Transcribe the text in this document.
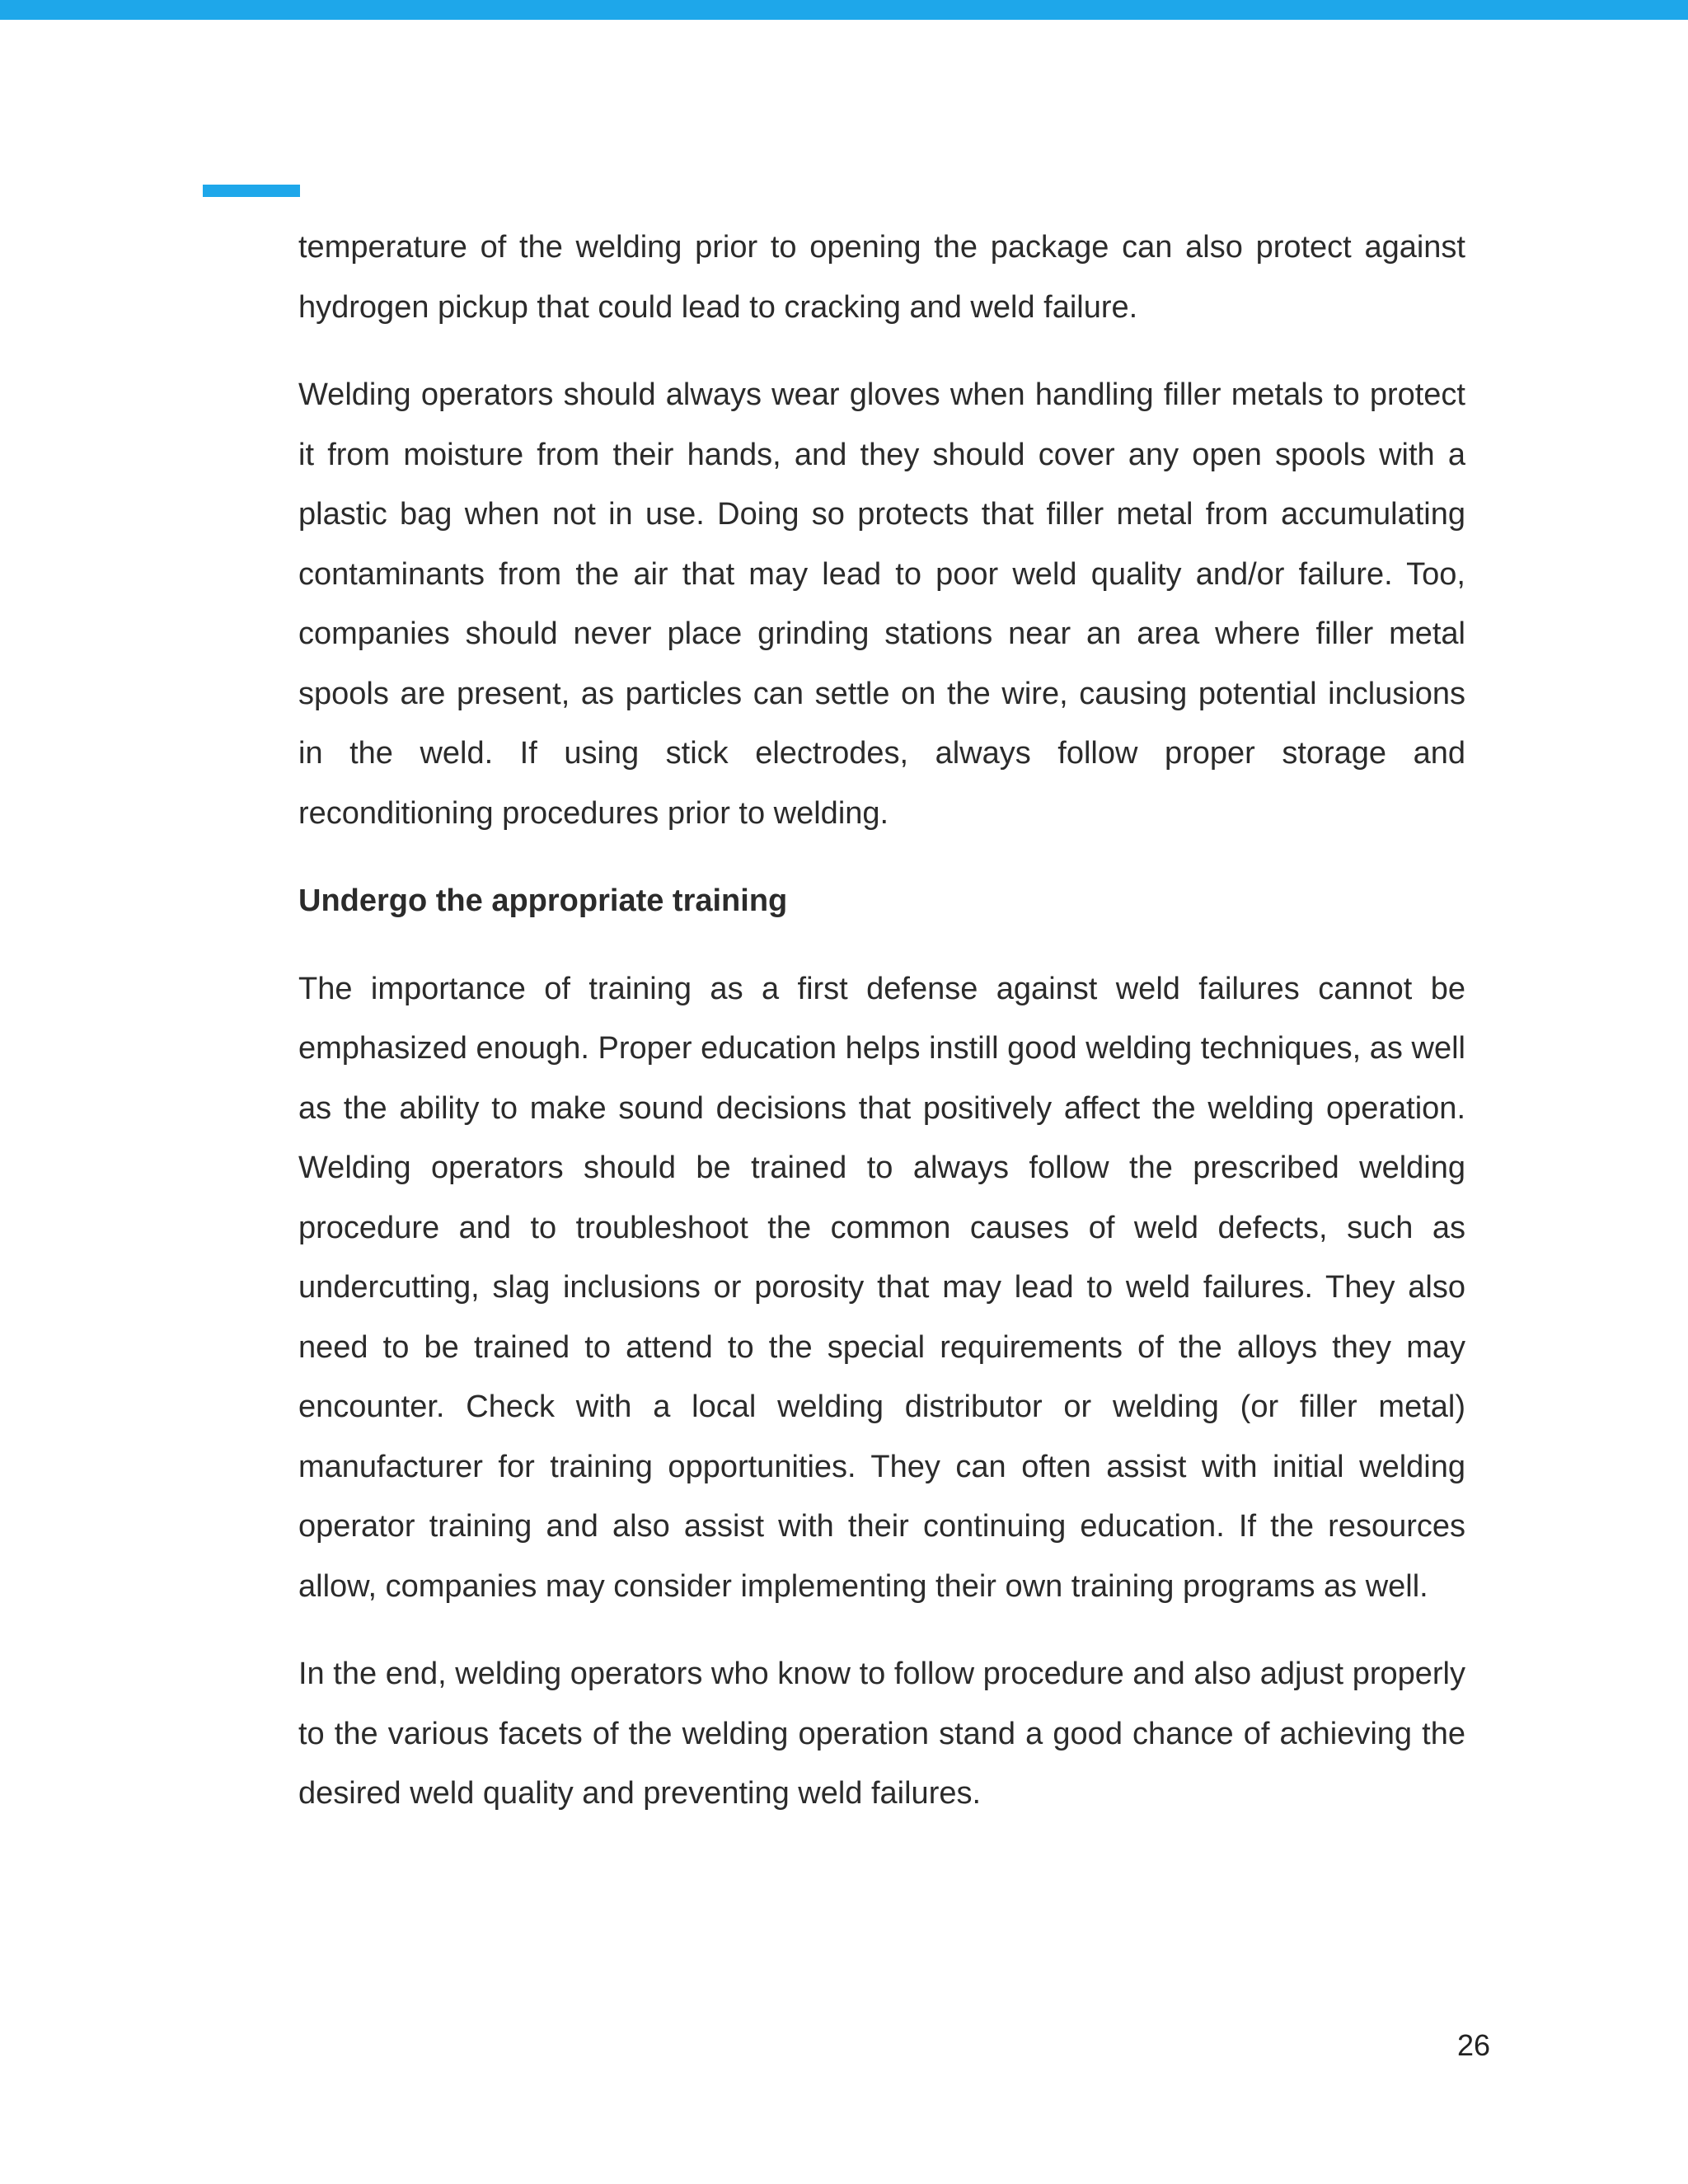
temperature of the welding prior to opening the package can also protect against hydrogen pickup that could lead to cracking and weld failure.

Welding operators should always wear gloves when handling filler metals to protect it from moisture from their hands, and they should cover any open spools with a plastic bag when not in use. Doing so protects that filler metal from accumulating contaminants from the air that may lead to poor weld quality and/or failure. Too, companies should never place grinding stations near an area where filler metal spools are present, as particles can settle on the wire, causing potential inclusions in the weld. If using stick electrodes, always follow proper storage and reconditioning procedures prior to welding.

Undergo the appropriate training

The importance of training as a first defense against weld failures cannot be emphasized enough. Proper education helps instill good welding techniques, as well as the ability to make sound decisions that positively affect the welding operation. Welding operators should be trained to always follow the prescribed welding procedure and to troubleshoot the common causes of weld defects, such as undercutting, slag inclusions or porosity that may lead to weld failures. They also need to be trained to attend to the special requirements of the alloys they may encounter. Check with a local welding distributor or welding (or filler metal) manufacturer for training opportunities. They can often assist with initial welding operator training and also assist with their continuing education. If the resources allow, companies may consider implementing their own training programs as well.

In the end, welding operators who know to follow procedure and also adjust properly to the various facets of the welding operation stand a good chance of achieving the desired weld quality and preventing weld failures.

26
